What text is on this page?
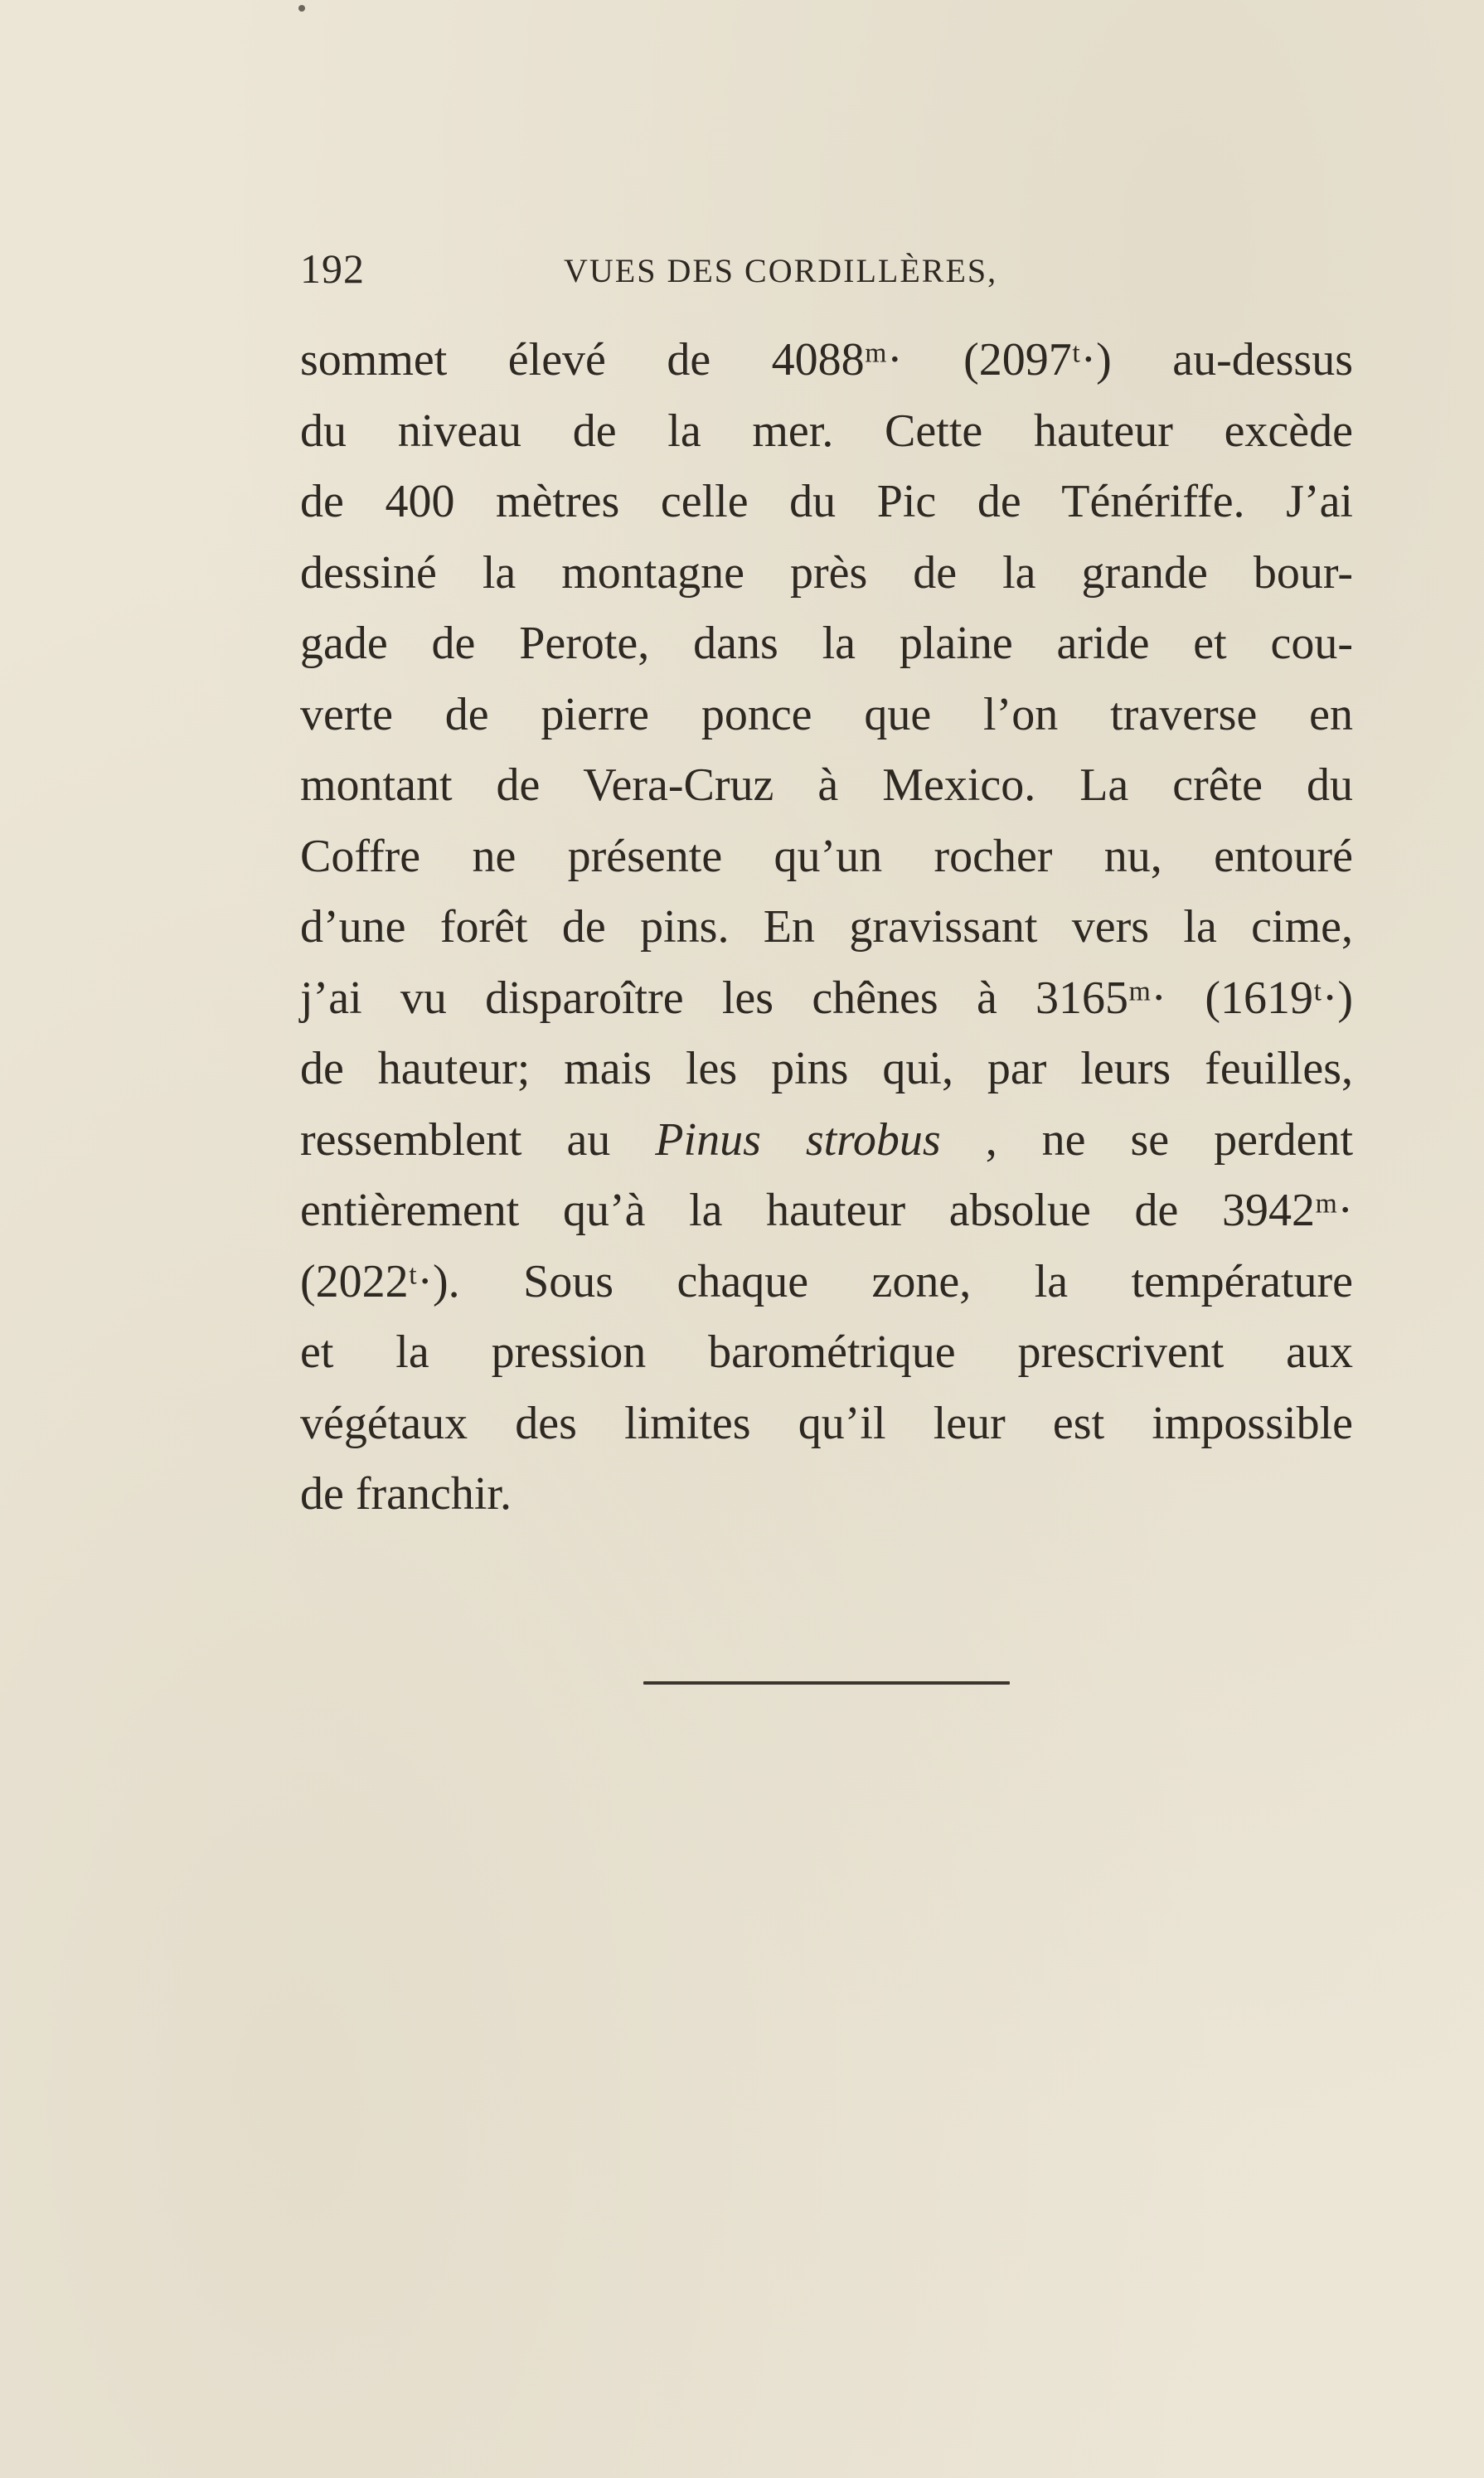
192	VUES DES CORDILLÈRES,
sommet élevé de 4088ᵐ· (2097ᵗ·) au-dessus
du niveau de la mer. Cette hauteur excède
de 400 mètres celle du Pic de Ténériffe. J’ai
dessiné la montagne près de la grande bour-
gade de Perote, dans la plaine aride et cou-
verte de pierre ponce que l’on traverse en
montant de Vera-Cruz à Mexico. La crête du
Coffre ne présente qu’un rocher nu, entouré
d’une forêt de pins. En gravissant vers la cime,
j’ai vu disparoître les chênes à 3165ᵐ· (1619ᵗ·)
de hauteur; mais les pins qui, par leurs feuilles,
ressemblent au Pinus strobus , ne se perdent
entièrement qu’à la hauteur absolue de 3942ᵐ·
(2022ᵗ·). Sous chaque zone, la température
et la pression barométrique prescrivent aux
végétaux des limites qu’il leur est impossible
de franchir.
